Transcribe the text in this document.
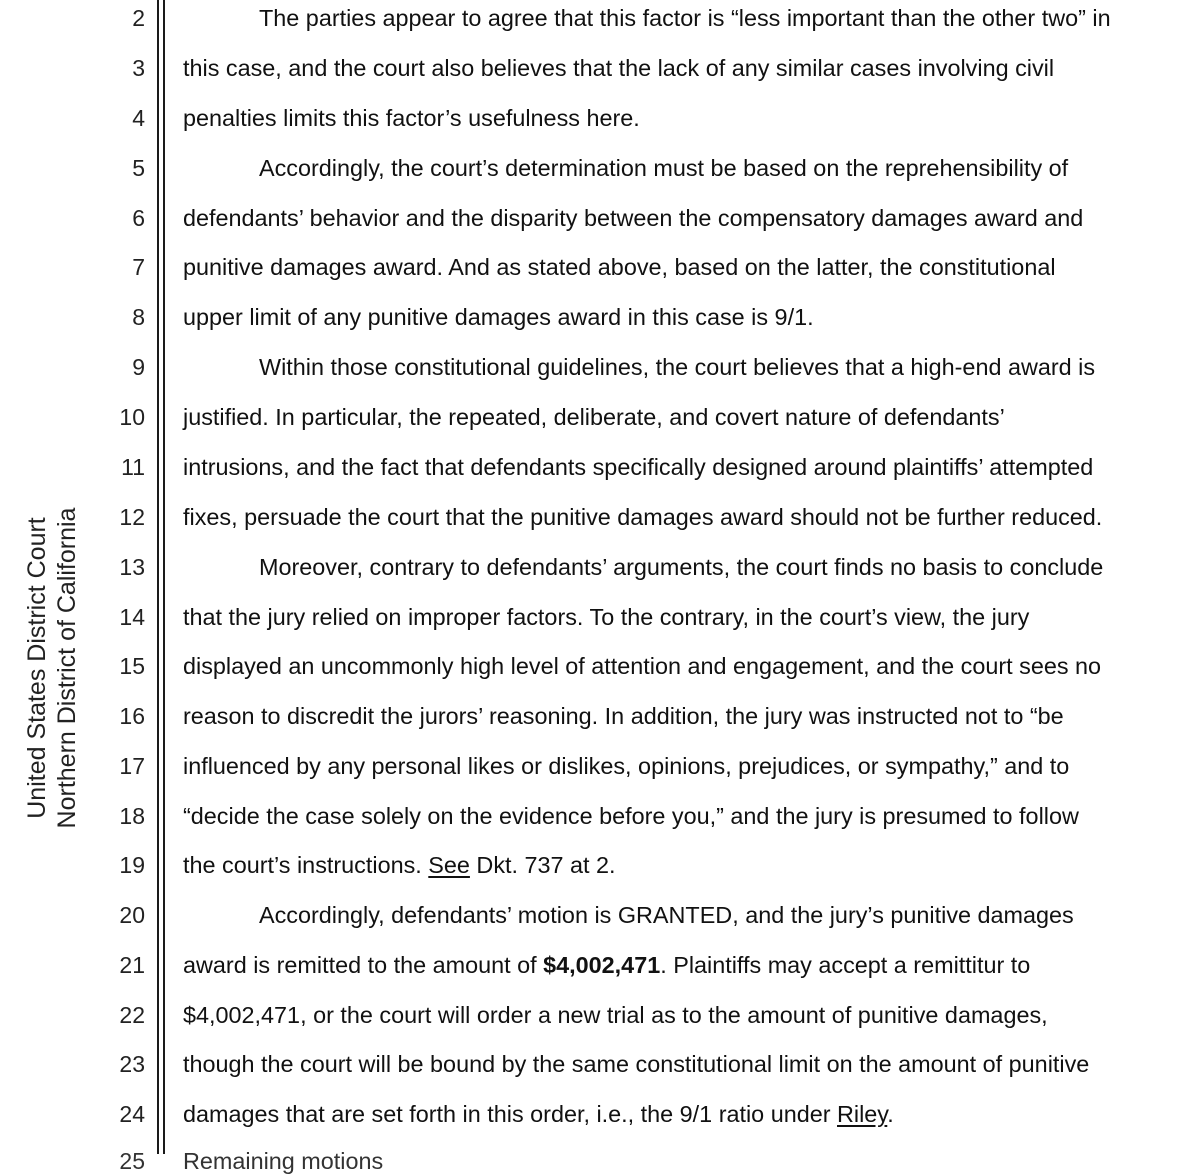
United States District Court Northern District of California
2
3
4
5
6
7
8
9
10
11
12
13
14
15
16
17
18
19
20
21
22
23
24
25
The parties appear to agree that this factor is “less important than the other two” in
this case, and the court also believes that the lack of any similar cases involving civil
penalties limits this factor’s usefulness here.
Accordingly, the court’s determination must be based on the reprehensibility of
defendants’ behavior and the disparity between the compensatory damages award and
punitive damages award. And as stated above, based on the latter, the constitutional
upper limit of any punitive damages award in this case is 9/1.
Within those constitutional guidelines, the court believes that a high-end award is
justified. In particular, the repeated, deliberate, and covert nature of defendants’
intrusions, and the fact that defendants specifically designed around plaintiffs’ attempted
fixes, persuade the court that the punitive damages award should not be further reduced.
Moreover, contrary to defendants’ arguments, the court finds no basis to conclude
that the jury relied on improper factors. To the contrary, in the court’s view, the jury
displayed an uncommonly high level of attention and engagement, and the court sees no
reason to discredit the jurors’ reasoning. In addition, the jury was instructed not to “be
influenced by any personal likes or dislikes, opinions, prejudices, or sympathy,” and to
“decide the case solely on the evidence before you,” and the jury is presumed to follow
the court’s instructions. See Dkt. 737 at 2.
Accordingly, defendants’ motion is GRANTED, and the jury’s punitive damages
award is remitted to the amount of $4,002,471. Plaintiffs may accept a remittitur to
$4,002,471, or the court will order a new trial as to the amount of punitive damages,
though the court will be bound by the same constitutional limit on the amount of punitive
damages that are set forth in this order, i.e., the 9/1 ratio under Riley.
Remaining motions
